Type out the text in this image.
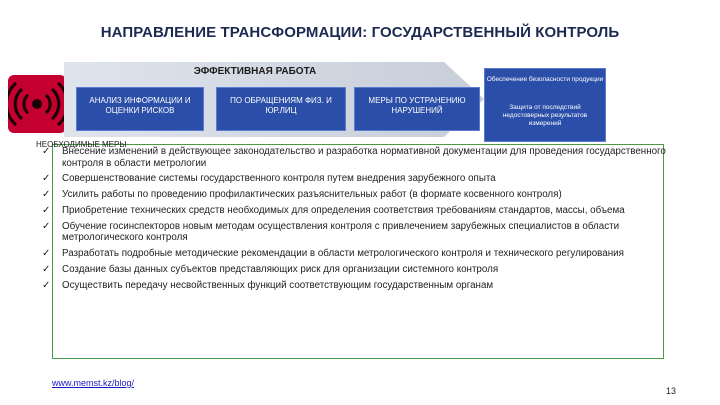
НАПРАВЛЕНИЕ ТРАНСФОРМАЦИИ: ГОСУДАРСТВЕННЫЙ КОНТРОЛЬ
ЭФФЕКТИВНАЯ РАБОТА
АНАЛИЗ ИНФОРМАЦИИ И ОЦЕНКИ РИСКОВ
ПО ОБРАЩЕНИЯМ ФИЗ. И ЮР.ЛИЦ
МЕРЫ ПО УСТРАНЕНИЮ НАРУШЕНИЙ
Обеспечение безопасности продукции
Защита от последствий недостоверных результатов измерений
НЕОБХОДИМЫЕ МЕРЫ
✓	Внесение изменений в действующее законодательство и разработка нормативной документации для проведения государственного контроля в области метрологии
✓	Совершенствование системы государственного контроля путем внедрения зарубежного опыта
✓	Усилить работы по проведению профилактических разъяснительных работ (в формате косвенного контроля)
✓	Приобретение технических средств необходимых для определения соответствия требованиям стандартов, массы, объема
✓	Обучение госинспекторов новым методам осуществления контроля с привлечением зарубежных специалистов в области метрологического контроля
✓	Разработать подробные методические рекомендации в области метрологического контроля и технического регулирования
✓	Создание базы данных субъектов представляющих риск для организации системного контроля
✓	Осуществить передачу несвойственных функций соответствующим государственным органам
www.memst.kz/blog/
13
